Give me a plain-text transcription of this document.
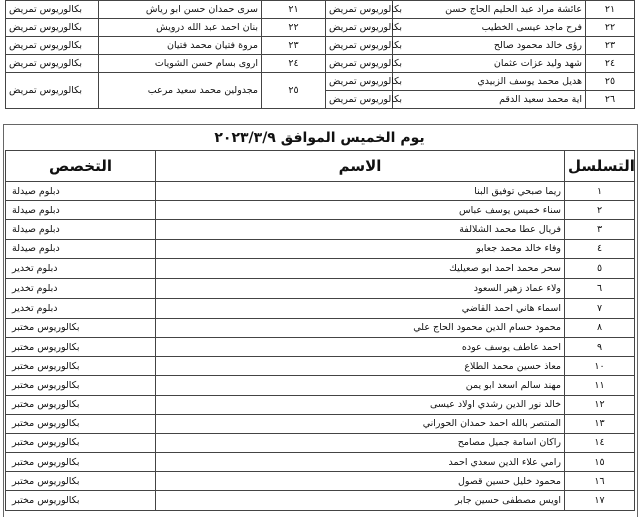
بكالوريوس تمريض	سرى حمدان حسن ابو رياش	٢١	بكالوريوس تمريض	عائشة مراد عبد الحليم الحاج حسن	٢١
بكالوريوس تمريض	بنان احمد عبد الله درويش	٢٢	بكالوريوس تمريض	فرح ماجد عيسى الخطيب	٢٢
بكالوريوس تمريض	مروة فتيان محمد فتيان	٢٣	بكالوريوس تمريض	رؤى خالد محمود صالح	٢٣
بكالوريوس تمريض	اروى بسام حسن الشويات	٢٤	بكالوريوس تمريض	شهد وليد عزات عثمان	٢٤
بكالوريوس تمريض	مجدولين محمد سعيد مرعب	٢٥	بكالوريوس تمريض	هديل محمد يوسف الزبيدي	٢٥
			بكالوريوس تمريض	اية محمد سعيد الدقم	٢٦
يوم الخميس الموافق ٢٠٢٣/٣/٩
التخصص	الاسم	التسلسل
دبلوم صيدلة	ريما صبحي توفيق البنا	١
دبلوم صيدلة	سناء خميس يوسف عباس	٢
دبلوم صيدلة	فريال عطا محمد الشلالفة	٣
دبلوم صيدلة	وفاء خالد محمد جعابو	٤
دبلوم تخدير	سحر محمد احمد ابو صعيليك	٥
دبلوم تخدير	ولاء عماد زهير السعود	٦
دبلوم تخدير	اسماء هاني احمد القاضي	٧
بكالوريوس مختبر	محمود حسام الدين محمود الحاج علي	٨
بكالوريوس مختبر	احمد عاطف يوسف عوده	٩
بكالوريوس مختبر	معاذ حسين محمد الطلاع	١٠
بكالوريوس مختبر	مهند سالم اسعد ابو يمن	١١
بكالوريوس مختبر	خالد نور الدين رشدي اولاد عيسى	١٢
بكالوريوس مختبر	المنتصر بالله احمد حمدان الحوراني	١٣
بكالوريوس مختبر	راكان اسامة جميل مصامح	١٤
بكالوريوس مختبر	رامي علاء الدين سعدي احمد	١٥
بكالوريوس مختبر	محمود خليل حسين قصول	١٦
بكالوريوس مختبر	اويس مصطفى حسين جابر	١٧
